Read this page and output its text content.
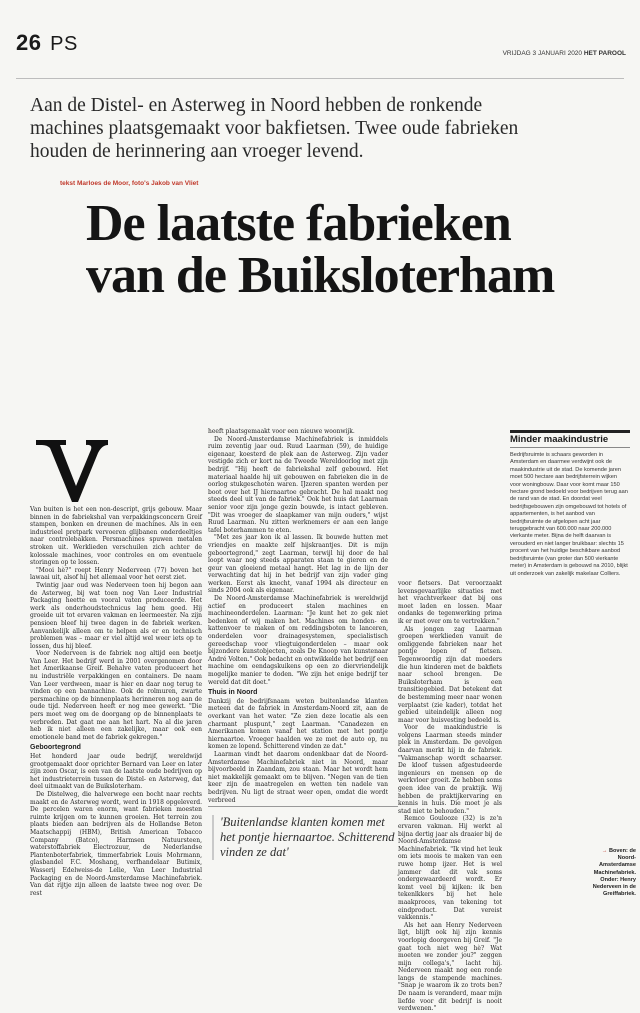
26 PS	VRIJDAG 3 JANUARI 2020 HET PAROOL
Aan de Distel- en Asterweg in Noord hebben de ronkende machines plaatsgemaakt voor bakfietsen. Twee oude fabrieken houden de herinnering aan vroeger levend.
tekst Marloes de Moor, foto's Jakob van Vliet
De laatste fabrieken
van de Buiksloterham

Van buiten is het een non-descript, grijs gebouw. Maar binnen in de fabriekshal van verpakkingsconcern Greif stampen, bonken en dreunen de machines. Als in een industrieel pretpark vervoeren glijbanen onderdeeltjes naar controlebakken. Persmachines spuwen metalen stroken uit. Werklieden verschuilen zich achter de kolossale machines, voor controles en om eventuele storingen op te lossen.

"Mooi hè?" roept Henry Nederveen (77) boven het lawaai uit, alsof hij het allemaal voor het eerst ziet.

Twintig jaar oud was Nederveen toen hij begon aan de Asterweg, bij wat toen nog Van Leer Industrial Packaging heette en vooral vaten produceerde. Het werk als onderhoudstechnicus lag hem goed. Hij groeide uit tot ervaren vakman en leermeester. Na zijn pensioen bleef hij twee dagen in de fabriek werken. Aanvankelijk alleen om te helpen als er en technisch problemen was – maar er viel altijd wel weer iets op te lossen, dus hij bleef.

Voor Nederveen is de fabriek nog altijd een beetje Van Leer. Het bedrijf werd in 2001 overgenomen door het Amerikaanse Greif. Behalve vaten produceert het nu industriële verpakkingen en containers. De naam Van Leer verdween, maar is hier en daar nog terug te vinden op een bannachine. Ook de rolmuren, zwarte persmachine op de binnenplaats herinneren nog aan de oude tijd. Nederveen heeft er nog mee gewerkt. "Die pers moet weg om de doorgang op de binnenplaats te verbreden. Dat gaat me aan het hart. Na al die jaren heb ik niet alleen een zakelijke, maar ook een emotionele band met de fabriek gekregen."

Geboortegrond

Het honderd jaar oude bedrijf, wereldwijd grootgemaakt door oprichter Bernard van Leer en later zijn zoon Oscar, is een van de laatste oude bedrijven op het industrieterrein tussen de Distel- en Asterweg, dat deel uitmaakt van de Buiksloterham.

De Distelweg, die halverwege een bocht naar rechts maakt en de Asterweg wordt, werd in 1918 opgeleverd. De percelen waren enorm, want fabrieken moesten ruimte krijgen om te kunnen groeien. Het terrein zou plaats bieden aan bedrijven als de Hollandse Beton Maatschappij (HBM), British American Tobacco Company (Batco), Harmsen Natuursteen, waterstoffabriek Electrozuur, de Nederlandse Plantenboterfabriek, timmerfabriek Louis Mohrmann, glasbandel F.C. Moshang, verfhandelaar Butimix, Wasserij Edelweiss-de Lelie, Van Leer Industrial Packaging en de Noord-Amsterdamse Machinefabriek. Van dat rijtje zijn alleen de laatste twee nog over. De rest

heeft plaatsgemaakt voor een nieuwe woonwijk.

De Noord-Amsterdamse Machinefabriek is inmiddels ruim zeventig jaar oud. Ruud Laarman (59), de huidige eigenaar, koesterd de plek aan de Asterweg. Zijn vader vestigde zich er kort na de Tweede Wereldoorlog met zijn bedrijf. "Hij heeft de fabriekshal zelf gebouwd. Het materiaal haalde hij uit gebouwen en fabrieken die in de oorlog stukgeschoten waren. IJzeren spanten werden per boot over het IJ hiernaartoe gebracht. De hal maakt nog steeds deel uit van de fabriek." Ook het huis dat Laarman senior voor zijn jonge gezin bouwde, is intact gebleven. "Dit was vroeger de slaapkamer van mijn ouders," wijst Ruud Laarman. Nu zitten werknemers er aan een lange tafel boterhammen te eten.

"Met zes jaar kon ik al lassen. Ik bouwde hutten met vriendjes en maakte zelf hijskraantjes. Dit is mijn geboortegrond," zegt Laarman, terwijl hij door de hal loopt waar nog steeds apparaten staan te gieren en de geur van gloeiend metaal hangt. Het lag in de lijn der verwachting dat hij in het bedrijf van zijn vader ging werken. Eerst als knecht, vanaf 1994 als directeur en sinds 2004 ook als eigenaar.

De Noord-Amsterdamse Machinefabriek is wereldwijd actief en produceert stalen machines en machineonderdelen. Laarman: "Je kunt het zo gek niet bedenken of wij maken het. Machines om honden- en kattenvoer te maken of om reddingsboten te lanceren, onderdelen voor drainagesystemen, specialistisch gereedschap voor vliegtuigonderdelen – maar ook bijzondere kunstobjecten, zoals De Knoop van kunstenaar André Volten." Ook bedacht en ontwikkelde het bedrijf een machine om eendagskuikens op een zo diervriendelijk mogelijke manier te doden. "We zijn het enige bedrijf ter wereld dat dit doet."

Thuis in Noord

Dankzij de bedrijfsnaam weten buitenlandse klanten meteen dat de fabriek in Amsterdam-Noord zit, aan de overkant van het water. "Ze zien deze locatie als een charmant pluspunt," zegt Laarman. "Canadezen en Amerikanen komen vanaf het station met het pontje hiernaartoe. Vroeger haalden we ze met de auto op, nu komen ze lopend. Schitterend vinden ze dat."

Laarman vindt het daarom ondenkbaar dat de Noord-Amsterdamse Machinefabriek niet in Noord, maar bijvoorbeeld in Zaandam, zou staan. Maar het wordt hem niet makkelijk gemaakt om te blijven. "Negen van de tien keer zijn de maatregelen en wetten ten nadele van bedrijven. Nu ligt de straat weer open, omdat die wordt verbreed

'Buitenlandse klanten komen met het pontje hiernaartoe. Schitterend vinden ze dat'

voor fietsers. Dat veroorzaakt levensgevaarlijke situaties met het vrachtverkeer dat bij ons moet laden en lossen. Maar ondanks de tegenwerking prima ik er met over om te vertrekken."

Als jongen zag Laarman groepen werklieden vanuit de omliggende fabrieken naar het pontje lopen of fietsen. Tegenwoordig zijn dat moeders die hun kinderen met de bakfiets naar school brengen. De Buiksloterham is een transitiegebied. Dat betekent dat de bestemming meer naar wonen verplaatst (zie kader), totdat het gebied uiteindelijk alleen nog maar voor huisvesting bedoeld is.

Voor de maakindustrie is volgens Laarman steeds minder plek in Amsterdam. De gevolgen daarvan merkt hij in de fabriek. "Vakmanschap wordt schaarser. De kloof tussen afgestudeerde ingenieurs en mensen op de werkvloer groeit. Ze hebben soms geen idee van de praktijk. Wij hebben de praktijkervaring en kennis in huis. Die moet je als stad niet te behouden."

Remco Goulooze (32) is ze'n ervaren vakman. Hij werkt al bijna dertig jaar als draaier bij de Noord-Amsterdamse Machinefabriek. "Ik vind het leuk om iets moois te maken van een ruwe homp ijzer. Het is wel jammer dat dit vak soms ondergewaardeerd wordt. Er komt veel bij kijken: ik ben tekenlkkers bij het hele maakproces, van tekening tot eindproduct. Dat vereist vakkennis."

Als het aan Henry Nederveen ligt, blijft ook hij zijn kennis voorlopig doorgeven bij Greif. "Je gaat toch niet weg hè? Wat moeten we zonder jou?" zeggen mijn collega's," lacht hij. Nederveen maakt nog een ronde langs de stampende machines. "Snap je waarom ik zo trots ben? De naam is veranderd, maar mijn liefde voor dit bedrijf is nooit verdwenen."

Minder maakindustrie
Bedrijfsruimte is schaars geworden in Amsterdam en daarmee verdwijnt ook de maakindustrie uit de stad. De komende jaren moet 500 hectare aan bedrijfsterrein wijken voor woningbouw. Daar voor komt maar 150 hectare grond bedoeld voor bedrijven terug aan de rand van de stad. En doordat veel bedrijfsgebouwen zijn omgebouwd tot hotels of appartementen, is het aanbod van bedrijfsruimte de afgelopen acht jaar teruggebracht van 600.000 naar 200.000 vierkante meter. Bijna de helft daarvan is verouderd en niet langer bruikbaar: slechts 15 procent van het huidige beschikbare aanbod bedrijfsruimte (van groter dan 500 vierkante meter) in Amsterdam is gebouwd na 2010, blijkt uit onderzoek van zakelijk makelaar Colliers.
→ Boven: de Noord-Amsterdamse Machinefabriek. Onder: Henry Nederveen in de Greiffabriek.
